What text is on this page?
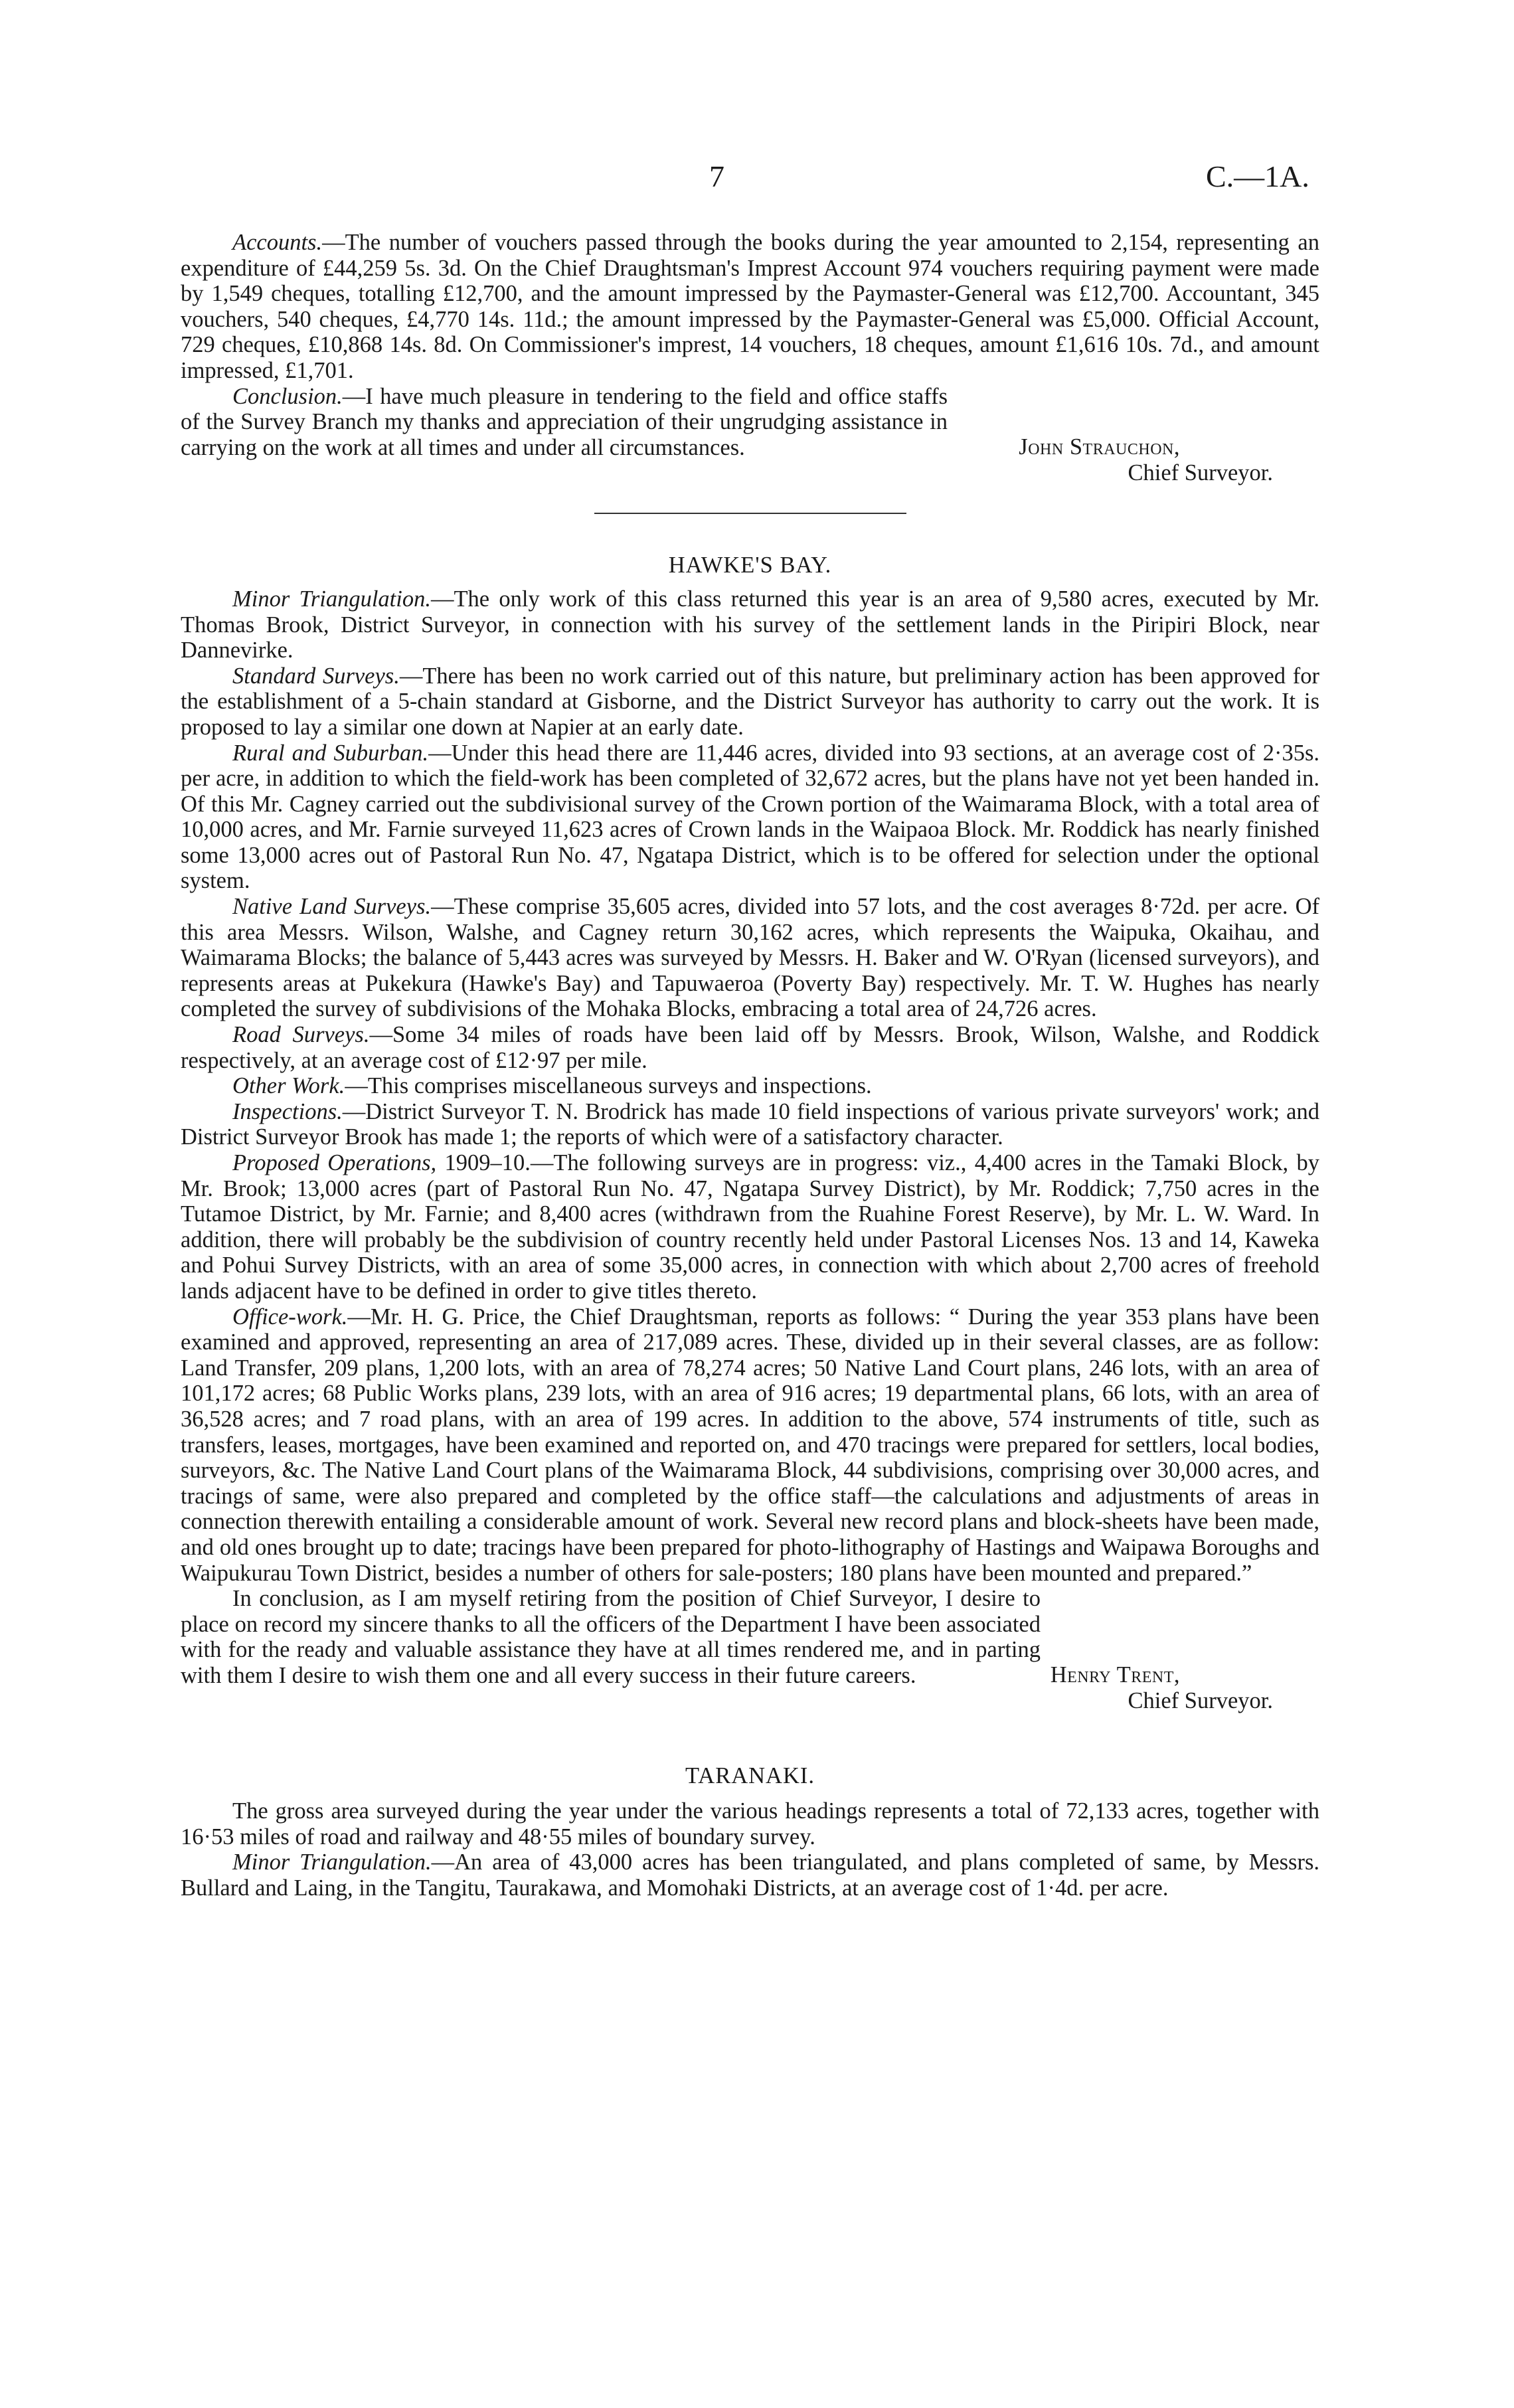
7	C.—1A.

Accounts.—The number of vouchers passed through the books during the year amounted to 2,154, representing an expenditure of £44,259 5s. 3d. On the Chief Draughtsman's Imprest Account 974 vouchers requiring payment were made by 1,549 cheques, totalling £12,700, and the amount impressed by the Paymaster-General was £12,700. Accountant, 345 vouchers, 540 cheques, £4,770 14s. 11d.; the amount impressed by the Paymaster-General was £5,000. Official Account, 729 cheques, £10,868 14s. 8d. On Commissioner's imprest, 14 vouchers, 18 cheques, amount £1,616 10s. 7d., and amount impressed, £1,701.

Conclusion.—I have much pleasure in tendering to the field and office staffs of the Survey Branch my thanks and appreciation of their ungrudging assistance in carrying on the work at all times and under all circumstances.	John Strauchon,
Chief Surveyor.

HAWKE'S BAY.

Minor Triangulation.—The only work of this class returned this year is an area of 9,580 acres, executed by Mr. Thomas Brook, District Surveyor, in connection with his survey of the settlement lands in the Piripiri Block, near Dannevirke.

Standard Surveys.—There has been no work carried out of this nature, but preliminary action has been approved for the establishment of a 5-chain standard at Gisborne, and the District Surveyor has authority to carry out the work. It is proposed to lay a similar one down at Napier at an early date.

Rural and Suburban.—Under this head there are 11,446 acres, divided into 93 sections, at an average cost of 2·35s. per acre, in addition to which the field-work has been completed of 32,672 acres, but the plans have not yet been handed in. Of this Mr. Cagney carried out the subdivisional survey of the Crown portion of the Waimarama Block, with a total area of 10,000 acres, and Mr. Farnie surveyed 11,623 acres of Crown lands in the Waipaoa Block. Mr. Roddick has nearly finished some 13,000 acres out of Pastoral Run No. 47, Ngatapa District, which is to be offered for selection under the optional system.

Native Land Surveys.—These comprise 35,605 acres, divided into 57 lots, and the cost averages 8·72d. per acre. Of this area Messrs. Wilson, Walshe, and Cagney return 30,162 acres, which represents the Waipuka, Okaihau, and Waimarama Blocks; the balance of 5,443 acres was surveyed by Messrs. H. Baker and W. O'Ryan (licensed surveyors), and represents areas at Pukekura (Hawke's Bay) and Tapuwaeroa (Poverty Bay) respectively. Mr. T. W. Hughes has nearly completed the survey of subdivisions of the Mohaka Blocks, embracing a total area of 24,726 acres.

Road Surveys.—Some 34 miles of roads have been laid off by Messrs. Brook, Wilson, Walshe, and Roddick respectively, at an average cost of £12·97 per mile.

Other Work.—This comprises miscellaneous surveys and inspections.

Inspections.—District Surveyor T. N. Brodrick has made 10 field inspections of various private surveyors' work; and District Surveyor Brook has made 1; the reports of which were of a satisfactory character.

Proposed Operations, 1909–10.—The following surveys are in progress: viz., 4,400 acres in the Tamaki Block, by Mr. Brook; 13,000 acres (part of Pastoral Run No. 47, Ngatapa Survey District), by Mr. Roddick; 7,750 acres in the Tutamoe District, by Mr. Farnie; and 8,400 acres (withdrawn from the Ruahine Forest Reserve), by Mr. L. W. Ward. In addition, there will probably be the subdivision of country recently held under Pastoral Licenses Nos. 13 and 14, Kaweka and Pohui Survey Districts, with an area of some 35,000 acres, in connection with which about 2,700 acres of freehold lands adjacent have to be defined in order to give titles thereto.

Office-work.—Mr. H. G. Price, the Chief Draughtsman, reports as follows: “ During the year 353 plans have been examined and approved, representing an area of 217,089 acres. These, divided up in their several classes, are as follow: Land Transfer, 209 plans, 1,200 lots, with an area of 78,274 acres; 50 Native Land Court plans, 246 lots, with an area of 101,172 acres; 68 Public Works plans, 239 lots, with an area of 916 acres; 19 departmental plans, 66 lots, with an area of 36,528 acres; and 7 road plans, with an area of 199 acres. In addition to the above, 574 instruments of title, such as transfers, leases, mortgages, have been examined and reported on, and 470 tracings were prepared for settlers, local bodies, surveyors, &c. The Native Land Court plans of the Waimarama Block, 44 subdivisions, comprising over 30,000 acres, and tracings of same, were also prepared and completed by the office staff—the calculations and adjustments of areas in connection therewith entailing a considerable amount of work. Several new record plans and block-sheets have been made, and old ones brought up to date; tracings have been prepared for photo-lithography of Hastings and Waipawa Boroughs and Waipukurau Town District, besides a number of others for sale-posters; 180 plans have been mounted and prepared.”

In conclusion, as I am myself retiring from the position of Chief Surveyor, I desire to place on record my sincere thanks to all the officers of the Department I have been associated with for the ready and valuable assistance they have at all times rendered me, and in parting with them I desire to wish them one and all every success in their future careers.	Henry Trent,
Chief Surveyor.

TARANAKI.

The gross area surveyed during the year under the various headings represents a total of 72,133 acres, together with 16·53 miles of road and railway and 48·55 miles of boundary survey.

Minor Triangulation.—An area of 43,000 acres has been triangulated, and plans completed of same, by Messrs. Bullard and Laing, in the Tangitu, Taurakawa, and Momohaki Districts, at an average cost of 1·4d. per acre.
